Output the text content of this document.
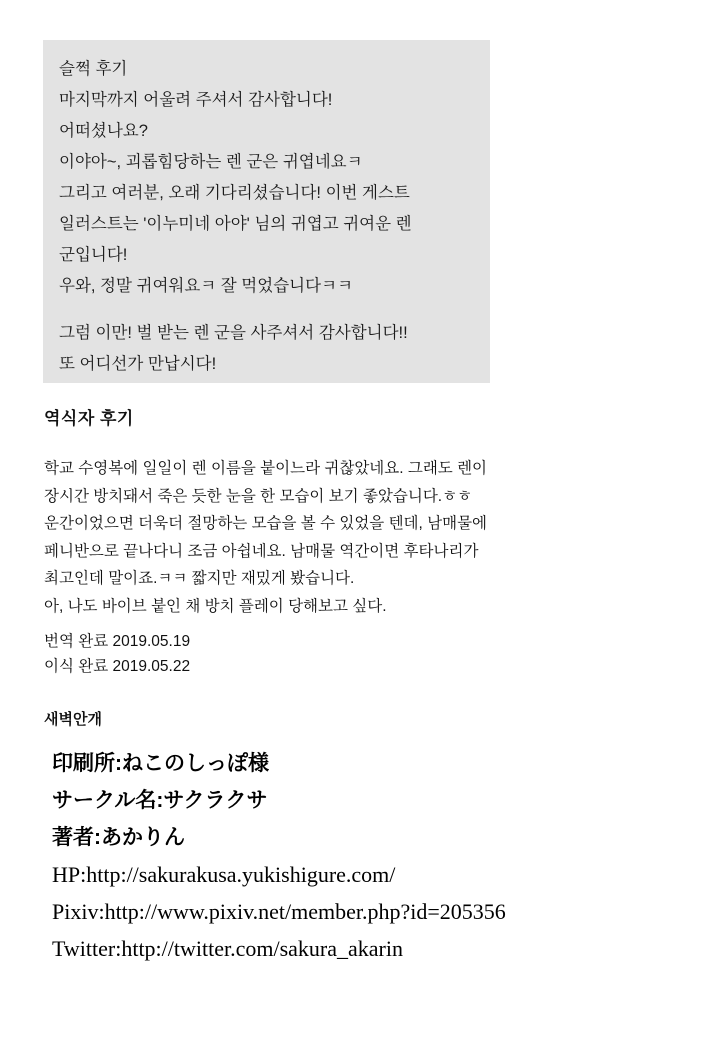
슬쩍 후기
마지막까지 어울려 주셔서 감사합니다!
어떠셨나요?
이야아~, 괴롭힘당하는 렌 군은 귀엽네요ㅋ
그리고 여러분, 오래 기다리셨습니다! 이번 게스트
일러스트는 '이누미네 아야' 님의 귀엽고 귀여운 렌
군입니다!
우와, 정말 귀여워요ㅋ 잘 먹었습니다ㅋㅋ
그럼 이만! 벌 받는 렌 군을 사주셔서 감사합니다!!
또 어디선가 만납시다!
역식자 후기
학교 수영복에 일일이 렌 이름을 붙이느라 귀찮았네요. 그래도 렌이
장시간 방치돼서 죽은 듯한 눈을 한 모습이 보기 좋았습니다.ㅎㅎ
운간이었으면 더욱더 절망하는 모습을 볼 수 있었을 텐데, 남매물에
페니반으로 끝나다니 조금 아쉽네요. 남매물 역간이면 후타나리가
최고인데 말이죠.ㅋㅋ 짧지만 재밌게 봤습니다.
아, 나도 바이브 붙인 채 방치 플레이 당해보고 싶다.
번역 완료 2019.05.19
이식 완료 2019.05.22
새벽안개
印刷所:ねこのしっぽ様
サークル名:サクラクサ
著者:あかりん
HP:http://sakurakusa.yukishigure.com/
Pixiv:http://www.pixiv.net/member.php?id=205356
Twitter:http://twitter.com/sakura_akarin
